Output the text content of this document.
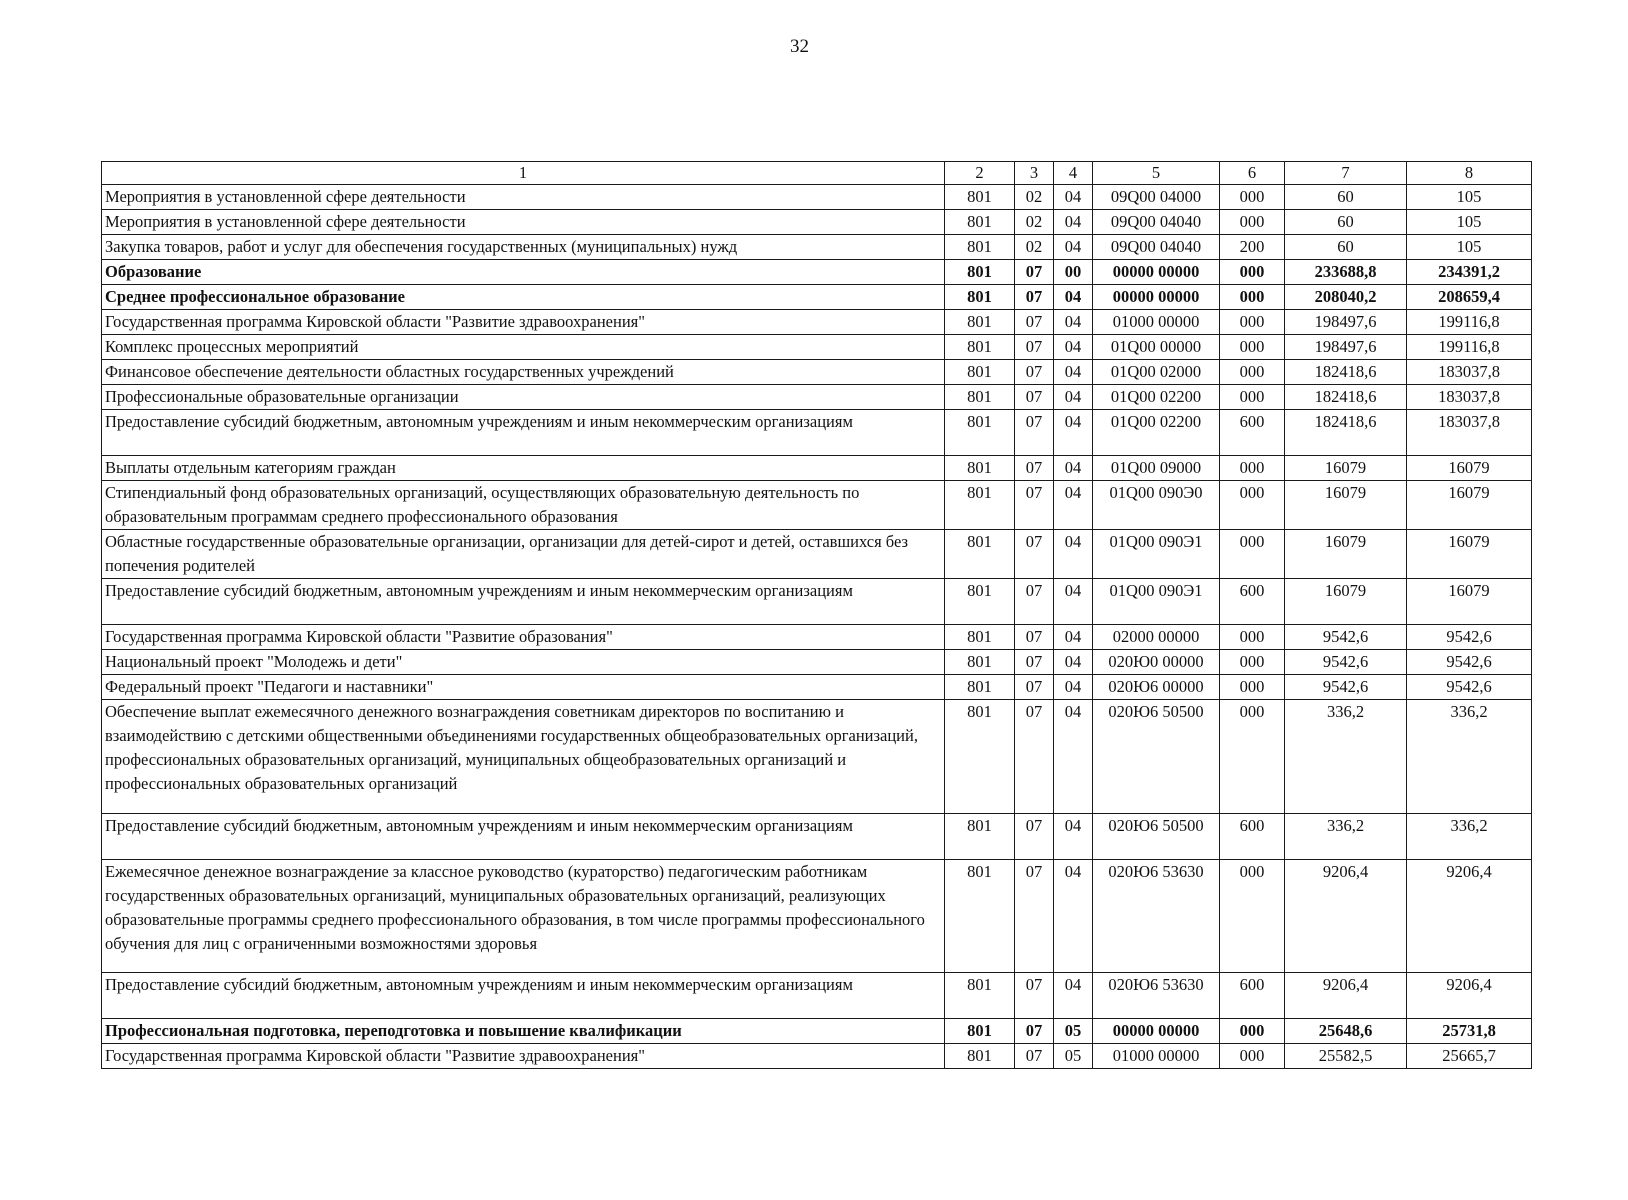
32
1	2	3	4	5	6	7	8
Мероприятия в установленной сфере деятельности	801	02	04	09Q00 04000	000	60	105
Мероприятия в установленной сфере деятельности	801	02	04	09Q00 04040	000	60	105
Закупка товаров, работ и услуг для обеспечения государственных (муниципальных) нужд	801	02	04	09Q00 04040	200	60	105
Образование	801	07	00	00000 00000	000	233688,8	234391,2
Среднее профессиональное образование	801	07	04	00000 00000	000	208040,2	208659,4
Государственная программа Кировской области "Развитие здравоохранения"	801	07	04	01000 00000	000	198497,6	199116,8
Комплекс процессных мероприятий	801	07	04	01Q00 00000	000	198497,6	199116,8
Финансовое обеспечение деятельности областных государственных учреждений	801	07	04	01Q00 02000	000	182418,6	183037,8
Профессиональные образовательные организации	801	07	04	01Q00 02200	000	182418,6	183037,8
Предоставление субсидий бюджетным, автономным учреждениям и иным некоммерческим организациям	801	07	04	01Q00 02200	600	182418,6	183037,8
Выплаты отдельным категориям граждан	801	07	04	01Q00 09000	000	16079	16079
Стипендиальный фонд образовательных организаций, осуществляющих образовательную деятельность по образовательным программам среднего профессионального образования	801	07	04	01Q00 090Э0	000	16079	16079
Областные государственные образовательные организации, организации для детей-сирот и детей, оставшихся без попечения родителей	801	07	04	01Q00 090Э1	000	16079	16079
Предоставление субсидий бюджетным, автономным учреждениям и иным некоммерческим организациям	801	07	04	01Q00 090Э1	600	16079	16079
Государственная программа Кировской области "Развитие образования"	801	07	04	02000 00000	000	9542,6	9542,6
Национальный проект "Молодежь и дети"	801	07	04	020Ю0 00000	000	9542,6	9542,6
Федеральный проект "Педагоги и наставники"	801	07	04	020Ю6 00000	000	9542,6	9542,6
Обеспечение выплат ежемесячного денежного вознаграждения советникам директоров по воспитанию и взаимодействию с детскими общественными объединениями государственных общеобразовательных организаций, профессиональных образовательных организаций, муниципальных общеобразовательных организаций и профессиональных образовательных организаций	801	07	04	020Ю6 50500	000	336,2	336,2
Предоставление субсидий бюджетным, автономным учреждениям и иным некоммерческим организациям	801	07	04	020Ю6 50500	600	336,2	336,2
Ежемесячное денежное вознаграждение за классное руководство (кураторство) педагогическим работникам государственных образовательных организаций, муниципальных образовательных организаций, реализующих образовательные программы среднего профессионального образования, в том числе программы профессионального обучения для лиц с ограниченными возможностями здоровья	801	07	04	020Ю6 53630	000	9206,4	9206,4
Предоставление субсидий бюджетным, автономным учреждениям и иным некоммерческим организациям	801	07	04	020Ю6 53630	600	9206,4	9206,4
Профессиональная подготовка, переподготовка и повышение квалификации	801	07	05	00000 00000	000	25648,6	25731,8
Государственная программа Кировской области "Развитие здравоохранения"	801	07	05	01000 00000	000	25582,5	25665,7
